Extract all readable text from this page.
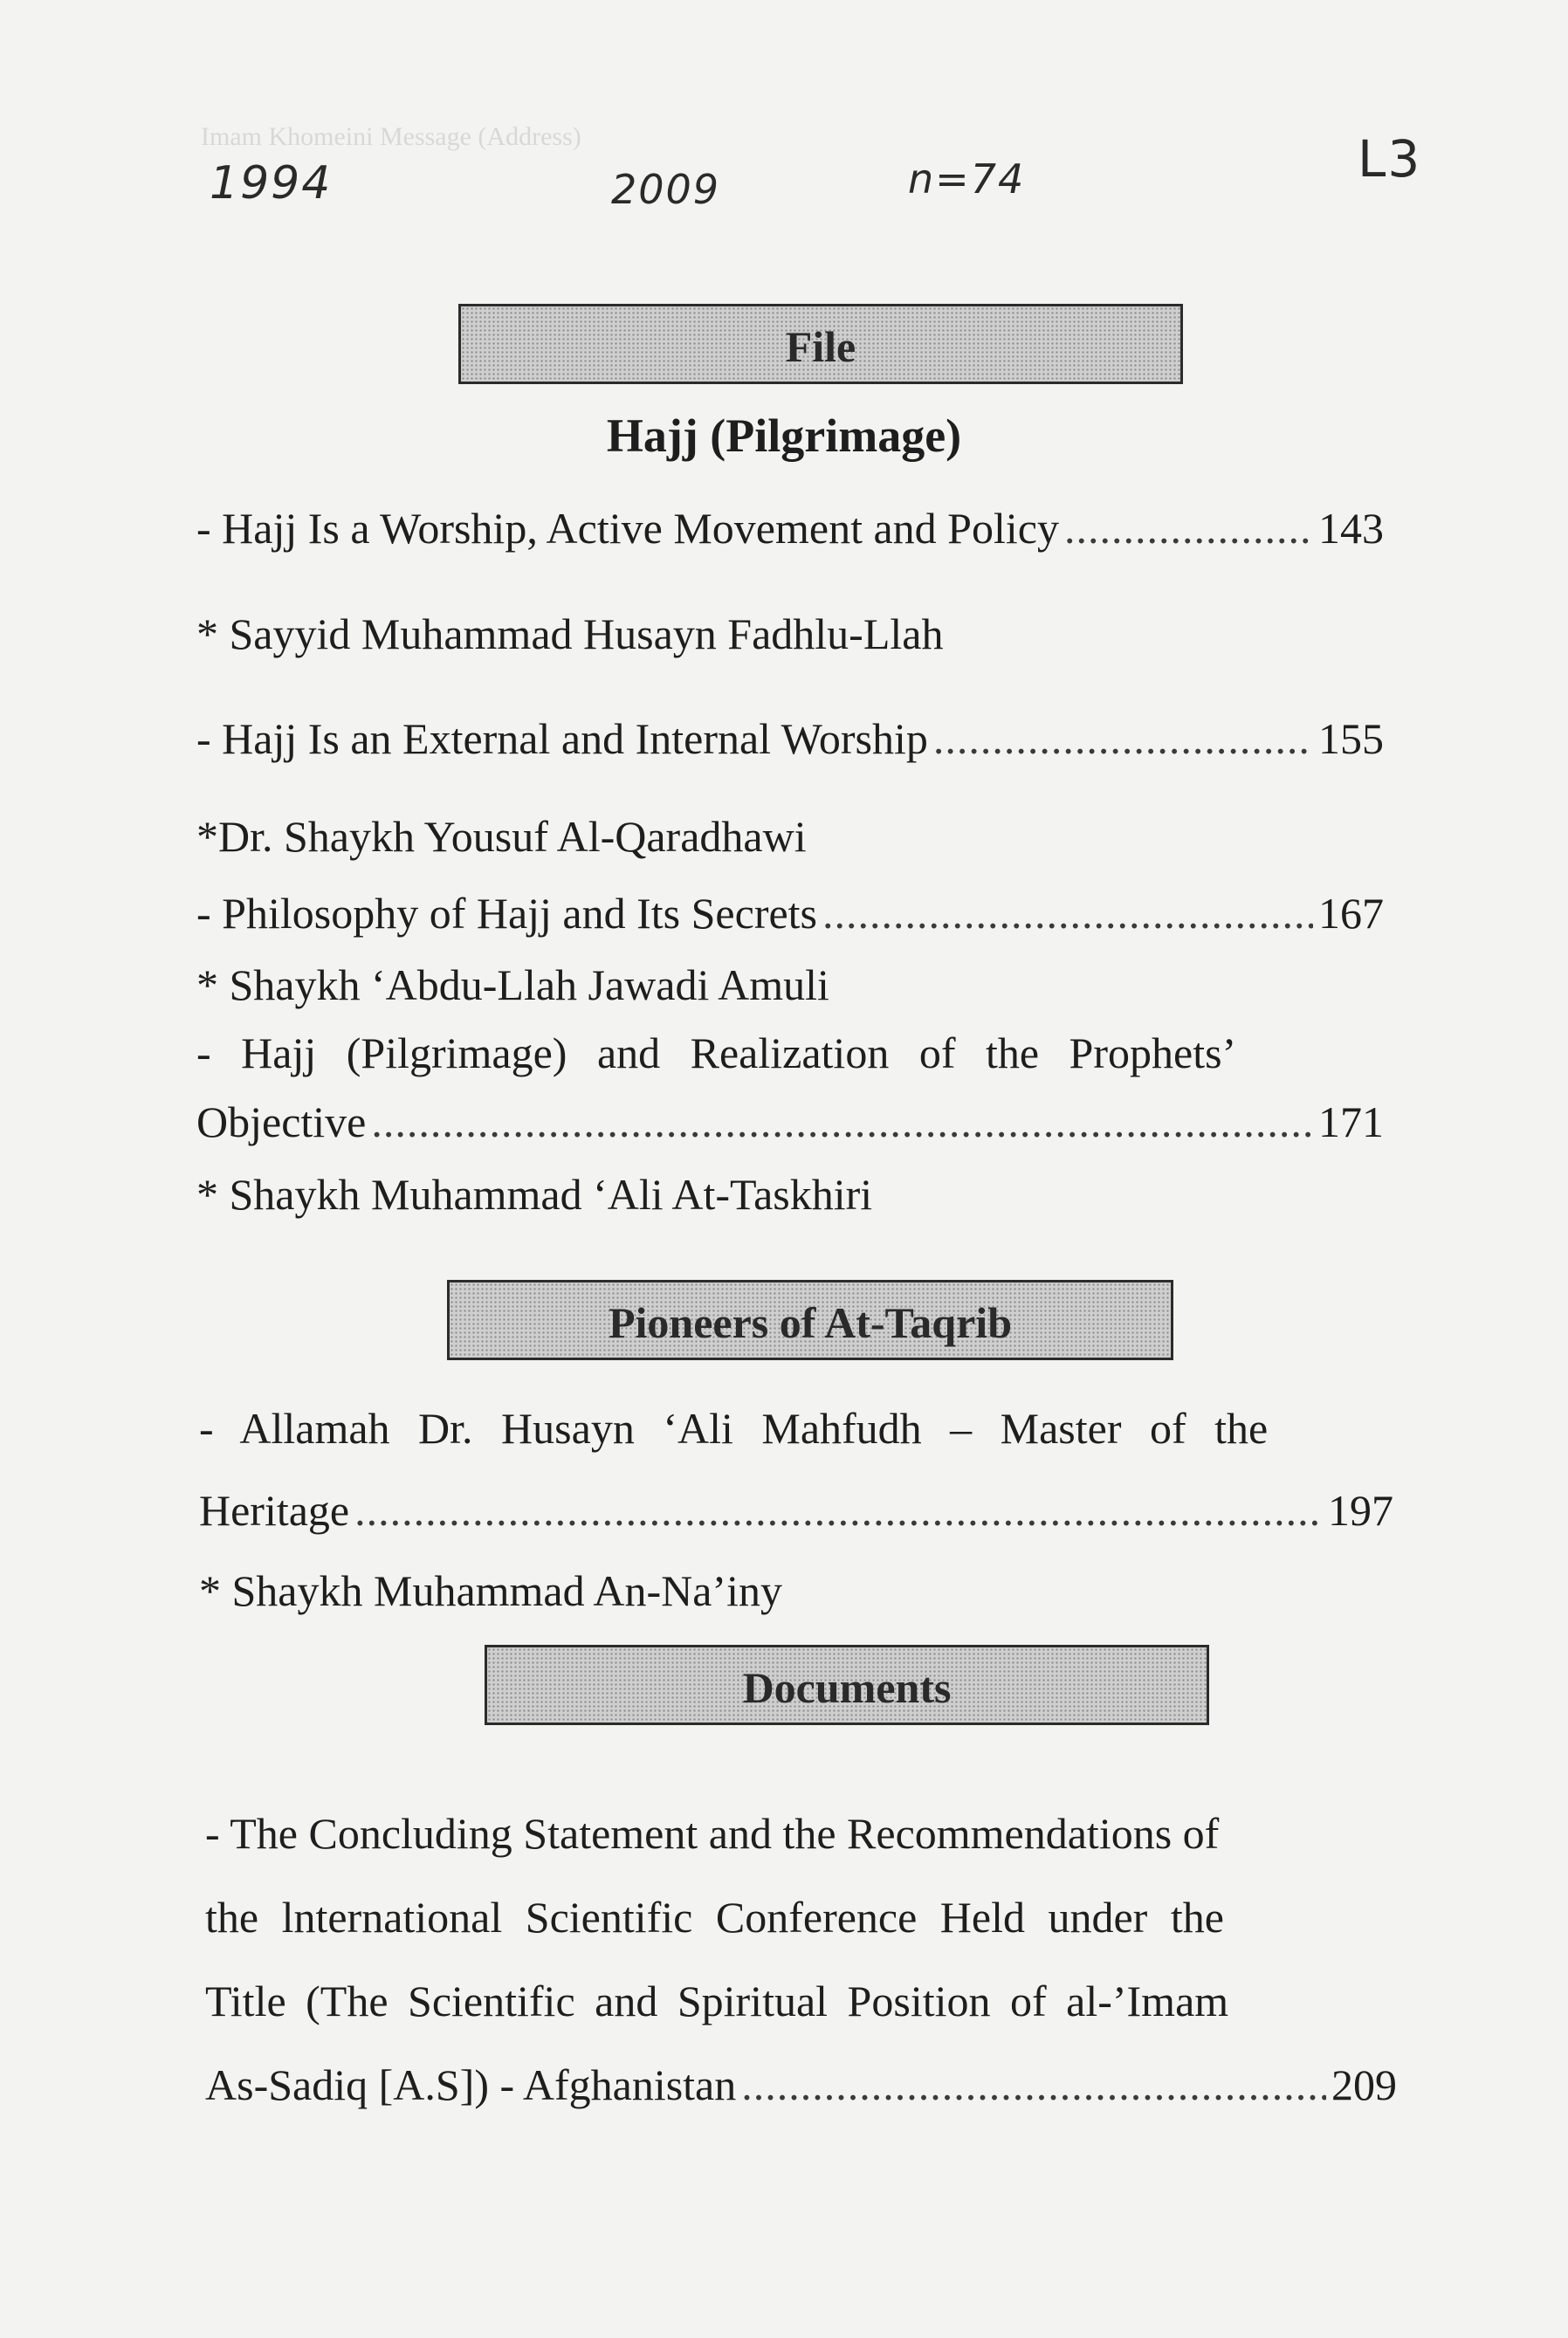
Imam Khomeini Message (Address)
1994	2009	n=74	L3
File
Hajj (Pilgrimage)
- Hajj Is a Worship, Active Movement and Policy .....	143
* Sayyid Muhammad Husayn Fadhlu-Llah
- Hajj Is an External and Internal Worship .....	155
*Dr. Shaykh Yousuf Al-Qaradhawi
- Philosophy of Hajj and Its Secrets .....	167
* Shaykh ‘Abdu-Llah Jawadi Amuli
- Hajj (Pilgrimage) and Realization of the Prophets’
Objective .....	171
* Shaykh Muhammad ‘Ali At-Taskhiri
Pioneers of At-Taqrib
- Allamah Dr. Husayn ‘Ali Mahfudh – Master of the
Heritage .....	197
* Shaykh Muhammad An-Na’iny
Documents
- The Concluding Statement and the Recommendations of
the lnternational Scientific Conference Held under the
Title (The Scientific and Spiritual Position of al-’Imam
As-Sadiq [A.S]) - Afghanistan .....	209
